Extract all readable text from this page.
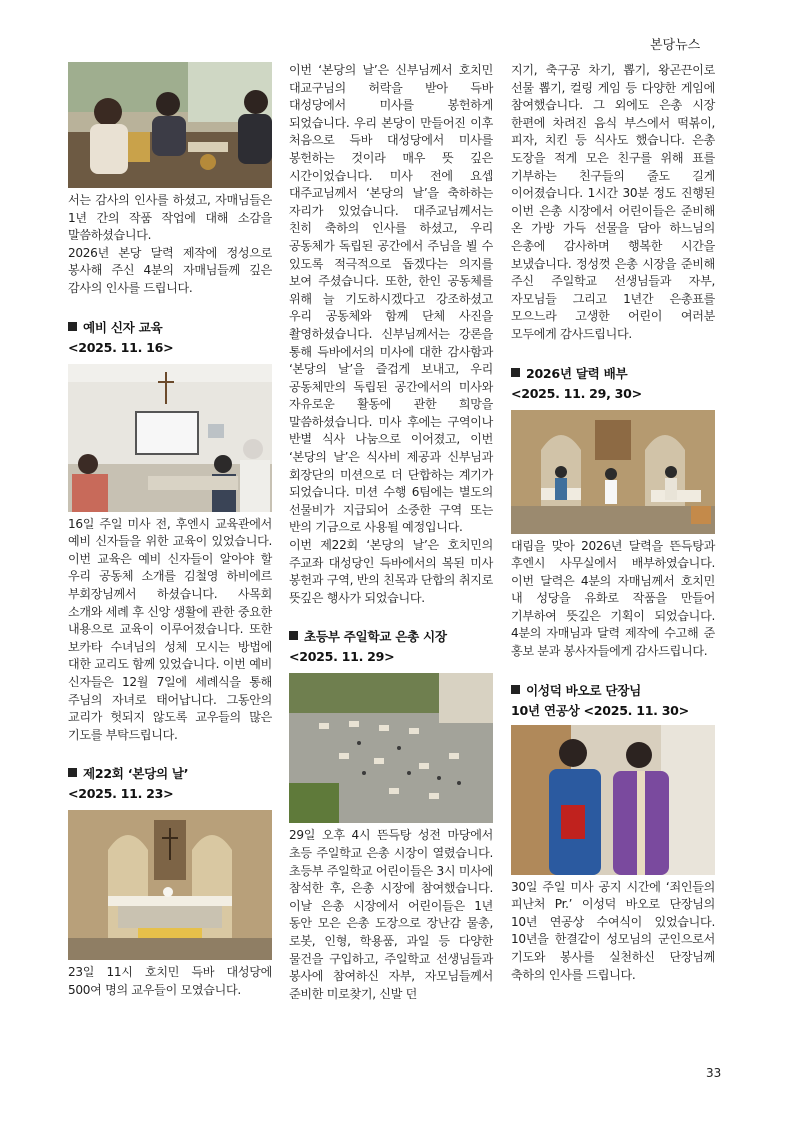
본당뉴스

서는 감사의 인사를 하셨고, 자매님들은 1년 간의 작품 작업에 대해 소감을 말씀하셨습니다.

2026년 본당 달력 제작에 정성으로 봉사해 주신 4분의 자매님들께 깊은 감사의 인사를 드립니다.

예비 신자 교육

<2025. 11. 16>

16일 주일 미사 전, 후엔시 교육관에서 예비 신자들을 위한 교육이 있었습니다. 이번 교육은 예비 신자들이 알아야 할 우리 공동체 소개를 김철영 하비에르 부회장님께서 하셨습니다. 사목회 소개와 세례 후 신앙 생활에 관한 중요한 내용으로 교육이 이루어졌습니다. 또한 보카타 수녀님의 성체 모시는 방법에 대한 교리도 함께 있었습니다. 이번 예비 신자들은 12월 7일에 세례식을 통해 주님의 자녀로 태어납니다. 그동안의 교리가 헛되지 않도록 교우들의 많은 기도를 부탁드립니다.

제22회 ‘본당의 날’

<2025. 11. 23>

23일 11시 호치민 득바 대성당에 500여 명의 교우들이 모였습니다.

이번 ‘본당의 날’은 신부님께서 호치민 대교구님의 허락을 받아 득바 대성당에서 미사를 봉헌하게 되었습니다. 우리 본당이 만들어진 이후 처음으로 득바 대성당에서 미사를 봉헌하는 것이라 매우 뜻 깊은 시간이었습니다. 미사 전에 요셉 대주교님께서 ‘본당의 날’을 축하하는 자리가 있었습니다. 대주교님께서는 친히 축하의 인사를 하셨고, 우리 공동체가 독립된 공간에서 주님을 뵐 수 있도록 적극적으로 돕겠다는 의지를 보여 주셨습니다. 또한, 한인 공동체를 위해 늘 기도하시겠다고 강조하셨고 우리 공동체와 함께 단체 사진을 촬영하셨습니다. 신부님께서는 강론을 통해 득바에서의 미사에 대한 감사함과 ‘본당의 날’을 즐겁게 보내고, 우리 공동체만의 독립된 공간에서의 미사와 자유로운 활동에 관한 희망을 말씀하셨습니다. 미사 후에는 구역이나 반별 식사 나눔으로 이어졌고, 이번 ‘본당의 날’은 식사비 제공과 신부님과 회장단의 미션으로 더 단합하는 계기가 되었습니다. 미션 수행 6팀에는 별도의 선물비가 지급되어 소중한 구역 또는 반의 기금으로 사용될 예정입니다.

이번 제22회 ‘본당의 날’은 호치민의 주교좌 대성당인 득바에서의 복된 미사 봉헌과 구역, 반의 친목과 단합의 취지로 뜻깊은 행사가 되었습니다.

초등부 주일학교 은총 시장

<2025. 11. 29>

29일 오후 4시 뜬득탕 성전 마당에서 초등 주일학교 은총 시장이 열렸습니다. 초등부 주일학교 어린이들은 3시 미사에 참석한 후, 은총 시장에 참여했습니다. 이날 은총 시장에서 어린이들은 1년 동안 모은 은총 도장으로 장난감 물총, 로봇, 인형, 학용품, 과일 등 다양한 물건을 구입하고, 주일학교 선생님들과 봉사에 참여하신 자부, 자모님들께서 준비한 미로찾기, 신발 던

지기, 축구공 차기, 뽑기, 왕곤끈이로 선물 뽑기, 컬링 게임 등 다양한 게임에 참여했습니다. 그 외에도 은총 시장 한편에 차려진 음식 부스에서 떡볶이, 피자, 치킨 등 식사도 했습니다. 은총 도장을 적게 모은 친구를 위해 표를 기부하는 친구들의 줄도 길게 이어졌습니다. 1시간 30분 정도 진행된 이번 은총 시장에서 어린이들은 준비해 온 가방 가득 선물을 담아 하느님의 은총에 감사하며 행복한 시간을 보냈습니다. 정성껏 은총 시장을 준비해 주신 주일학교 선생님들과 자부, 자모님들 그리고 1년간 은총표를 모으느라 고생한 어린이 여러분 모두에게 감사드립니다.

2026년 달력 배부

<2025. 11. 29, 30>

대림을 맞아 2026년 달력을 뜬득탕과 후엔시 사무실에서 배부하였습니다. 이번 달력은 4분의 자매님께서 호치민 내 성당을 유화로 작품을 만들어 기부하여 뜻깊은 기획이 되었습니다. 4분의 자매님과 달력 제작에 수고해 준 홍보 분과 봉사자들에게 감사드립니다.

이성덕 바오로 단장님

10년 연공상 <2025. 11. 30>

30일 주일 미사 공지 시간에 ‘죄인들의 피난처 Pr.’ 이성덕 바오로 단장님의 10년 연공상 수여식이 있었습니다. 10년을 한결같이 성모님의 군인으로서 기도와 봉사를 실천하신 단장님께 축하의 인사를 드립니다.

33
